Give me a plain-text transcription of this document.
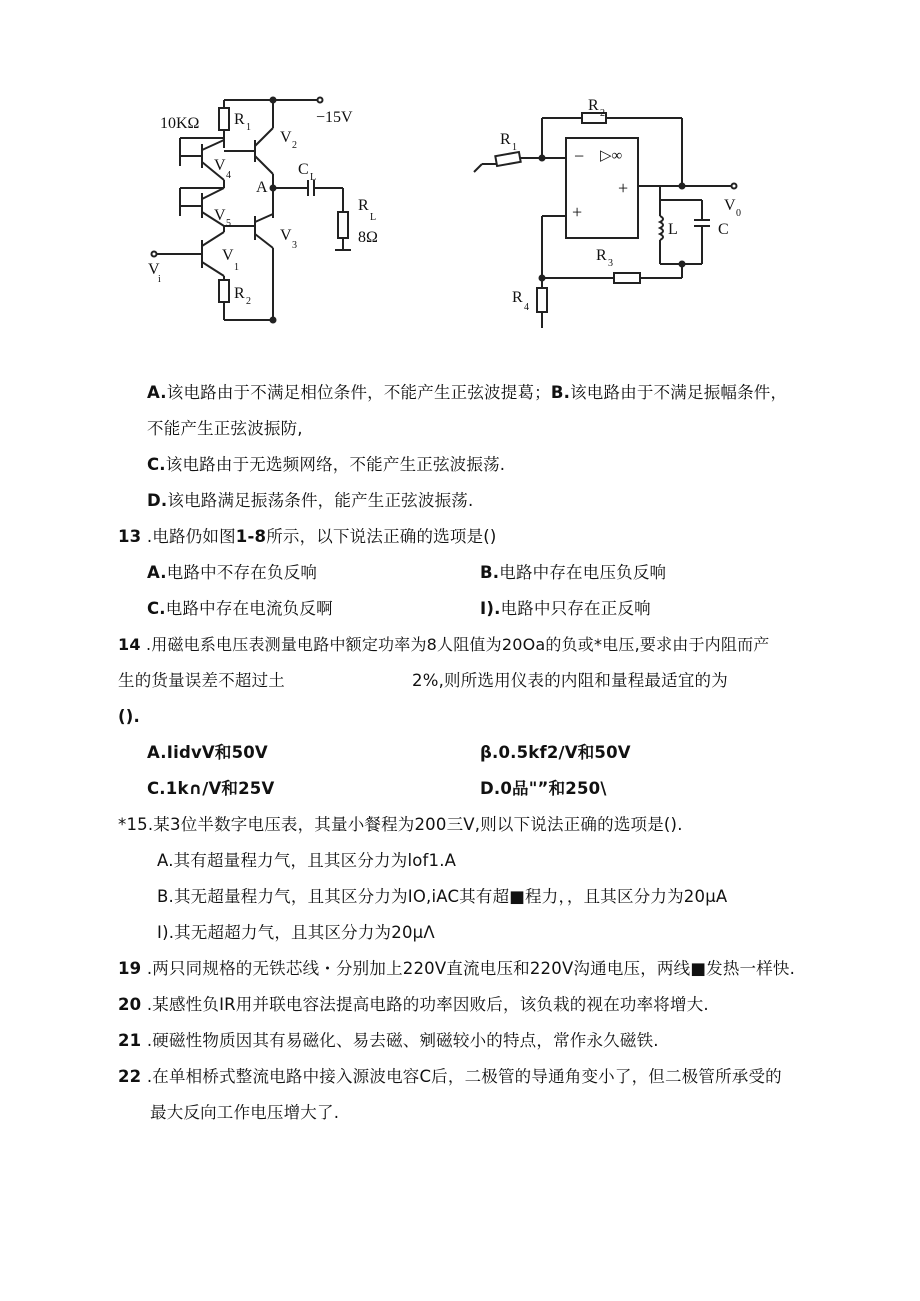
10KΩ R 1
V 2
−15V
V
4
A
C L
V 5
R
L
8Ω
V
3
V
1
V
i
R 2
R 2
R 1	− ▷∞
+
+	V 0
L	C
R 3
R
4
A.该电路由于不满足相位条件，不能产生正弦波提葛；B.该电路由于不满足振幅条件，
不能产生正弦波振防,
C.该电路由于无选频网络，不能产生正弦波振荡.
D.该电路满足振荡条件，能产生正弦波振荡.
13 .电路仍如图1-8所示，以下说法正确的选项是()
A.电路中不存在负反响	B.电路中存在电压负反响
C.电路中存在电流负反啊	I).电路中只存在正反响
14 .用磁电系电压表测量电路中额定功率为8人阻值为20Oa的负或*电压,要求由于内阻而产
生的货量误差不超过土	2%,则所选用仪表的内阻和量程最适宜的为
().
A.IidvV和50V	β.0.5kf2∕V和50V
C.1k∩∕V和25V	D.0品"”和250\
*15.某3位半数字电压表，其量小餐程为200三V,则以下说法正确的选项是().
A.其有超量程力气，且其区分力为lof1.A
B.其无超量程力气，且其区分力为IO,iAC其有超■程力，，且其区分力为20μA
I).其无超超力气，且其区分力为20μΛ
19 .两只同规格的无铁芯线・分别加上220V直流电压和220V沟通电压，两线■发热一样快.
20 .某感性负IR用并联电容法提高电路的功率因败后，该负栽的视在功率将增大.
21 .硬磁性物质因其有易磁化、易去磁、剜磁较小的特点，常作永久磁铁.
22 .在单相桥式整流电路中接入源波电容C后，二极管的导通角变小了，但二极管所承受的
最大反向工作电压增大了.
